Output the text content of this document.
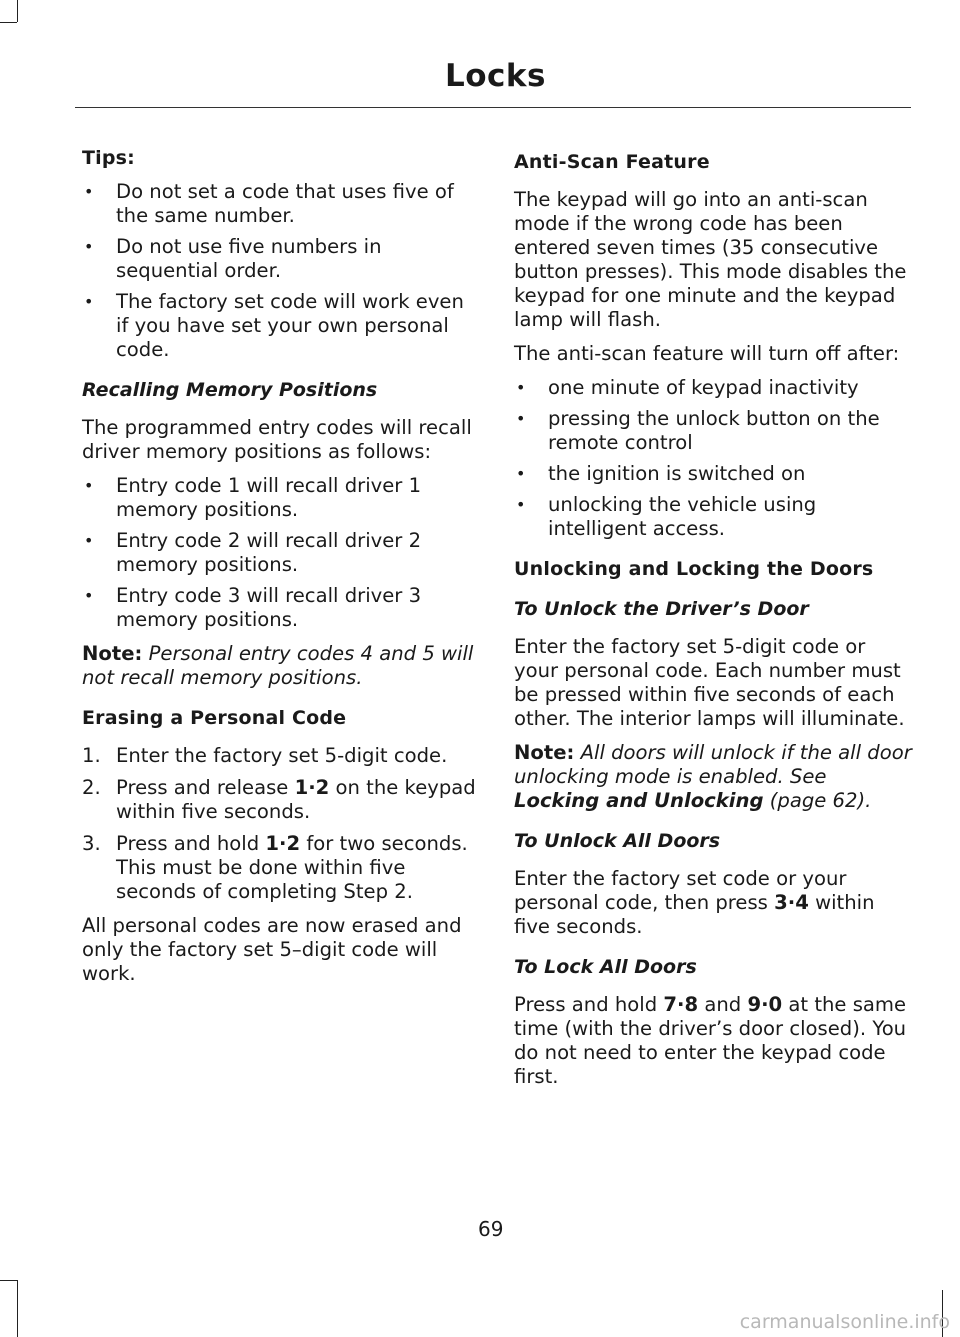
Locks
Tips:
• Do not set a code that uses five of the same number.
• Do not use five numbers in sequential order.
• The factory set code will work even if you have set your own personal code.
Recalling Memory Positions

The programmed entry codes will recall driver memory positions as follows:

• Entry code 1 will recall driver 1 memory positions.
• Entry code 2 will recall driver 2 memory positions.
• Entry code 3 will recall driver 3 memory positions.

Note: Personal entry codes 4 and 5 will not recall memory positions.

Erasing a Personal Code
1. Enter the factory set 5-digit code.
2. Press and release 1·2 on the keypad within five seconds.
3. Press and hold 1·2 for two seconds. This must be done within five seconds of completing Step 2.

All personal codes are now erased and only the factory set 5–digit code will work.

Anti-Scan Feature

The keypad will go into an anti-scan mode if the wrong code has been entered seven times (35 consecutive button presses). This mode disables the keypad for one minute and the keypad lamp will flash.

The anti-scan feature will turn off after:

• one minute of keypad inactivity
• pressing the unlock button on the remote control
• the ignition is switched on
• unlocking the vehicle using intelligent access.
Unlocking and Locking the Doors
To Unlock the Driver’s Door

Enter the factory set 5-digit code or your personal code. Each number must be pressed within five seconds of each other. The interior lamps will illuminate.

Note: All doors will unlock if the all door unlocking mode is enabled. See Locking and Unlocking (page 62).

To Unlock All Doors

Enter the factory set code or your personal code, then press 3·4 within five seconds.

To Lock All Doors

Press and hold 7·8 and 9·0 at the same time (with the driver’s door closed). You do not need to enter the keypad code first.

69
carmanualsonline.info
